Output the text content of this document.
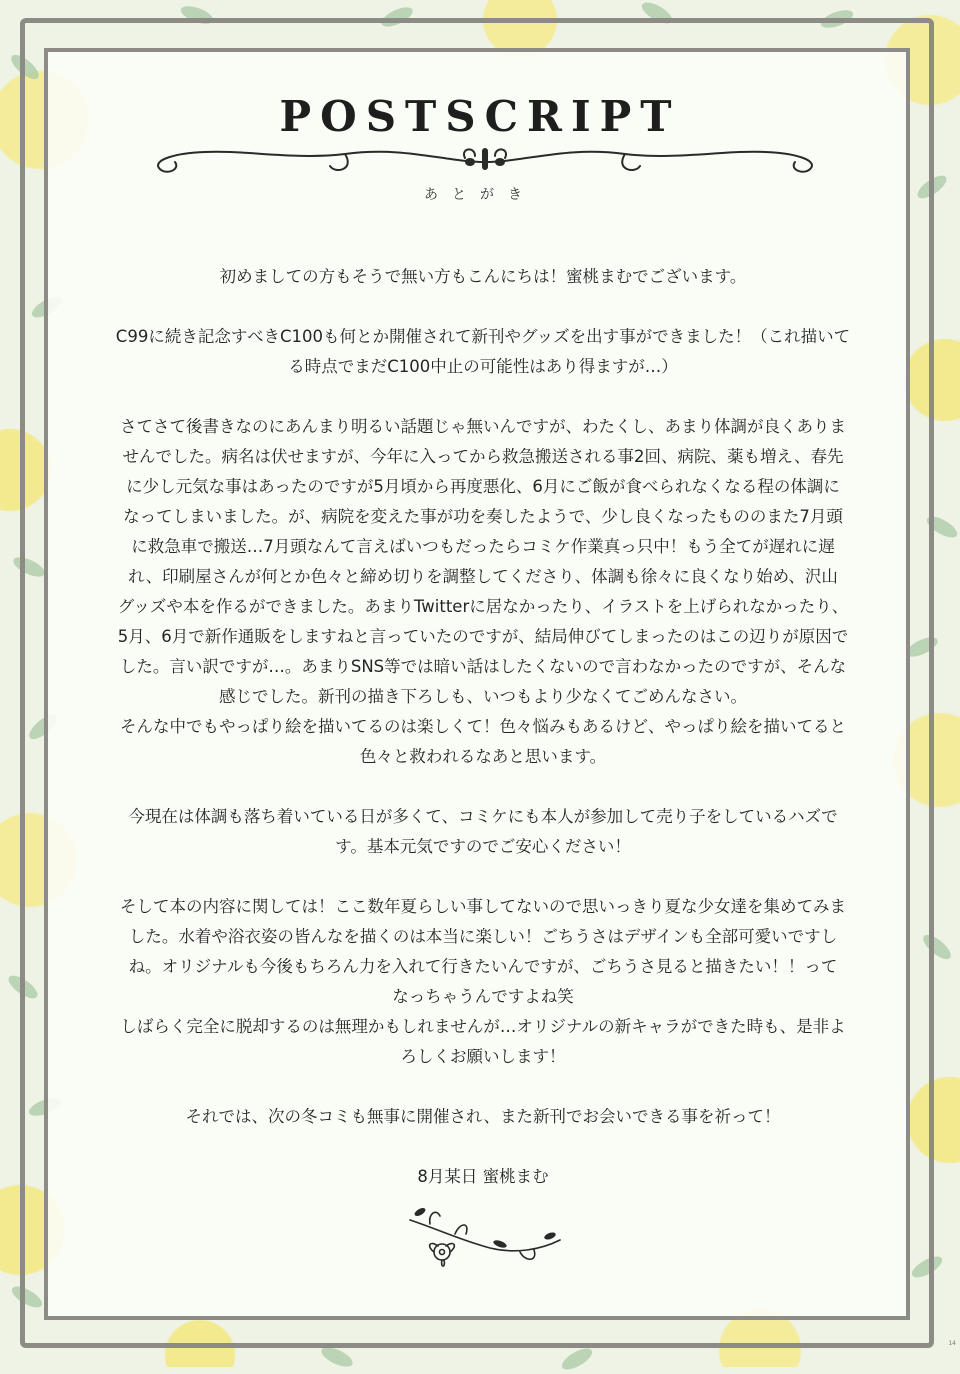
POSTSCRIPT
あとがき

初めましての方もそうで無い方もこんにちは！蜜桃まむでございます。

C99に続き記念すべきC100も何とか開催されて新刊やグッズを出す事ができました！（これ描いて
る時点でまだC100中止の可能性はあり得ますが…）

さてさて後書きなのにあんまり明るい話題じゃ無いんですが、わたくし、あまり体調が良くありま
せんでした。病名は伏せますが、今年に入ってから救急搬送される事2回、病院、薬も増え、春先
に少し元気な事はあったのですが5月頃から再度悪化、6月にご飯が食べられなくなる程の体調に
なってしまいました。が、病院を変えた事が功を奏したようで、少し良くなったもののまた7月頭
に救急車で搬送…7月頭なんて言えばいつもだったらコミケ作業真っ只中！もう全てが遅れに遅
れ、印刷屋さんが何とか色々と締め切りを調整してくださり、体調も徐々に良くなり始め、沢山
グッズや本を作るができました。あまりTwitterに居なかったり、イラストを上げられなかったり、
5月、6月で新作通販をしますねと言っていたのですが、結局伸びてしまったのはこの辺りが原因で
した。言い訳ですが…。あまりSNS等では暗い話はしたくないので言わなかったのですが、そんな
感じでした。新刊の描き下ろしも、いつもより少なくてごめんなさい。
そんな中でもやっぱり絵を描いてるのは楽しくて！色々悩みもあるけど、やっぱり絵を描いてると
色々と救われるなあと思います。

今現在は体調も落ち着いている日が多くて、コミケにも本人が参加して売り子をしているハズで
す。基本元気ですのでご安心ください！

そして本の内容に関しては！ここ数年夏らしい事してないので思いっきり夏な少女達を集めてみま
した。水着や浴衣姿の皆んなを描くのは本当に楽しい！ごちうさはデザインも全部可愛いですし
ね。オリジナルも今後もちろん力を入れて行きたいんですが、ごちうさ見ると描きたい！！って
なっちゃうんですよね笑
しばらく完全に脱却するのは無理かもしれませんが…オリジナルの新キャラができた時も、是非よ
ろしくお願いします！

それでは、次の冬コミも無事に開催され、また新刊でお会いできる事を祈って！

8月某日 蜜桃まむ

14
